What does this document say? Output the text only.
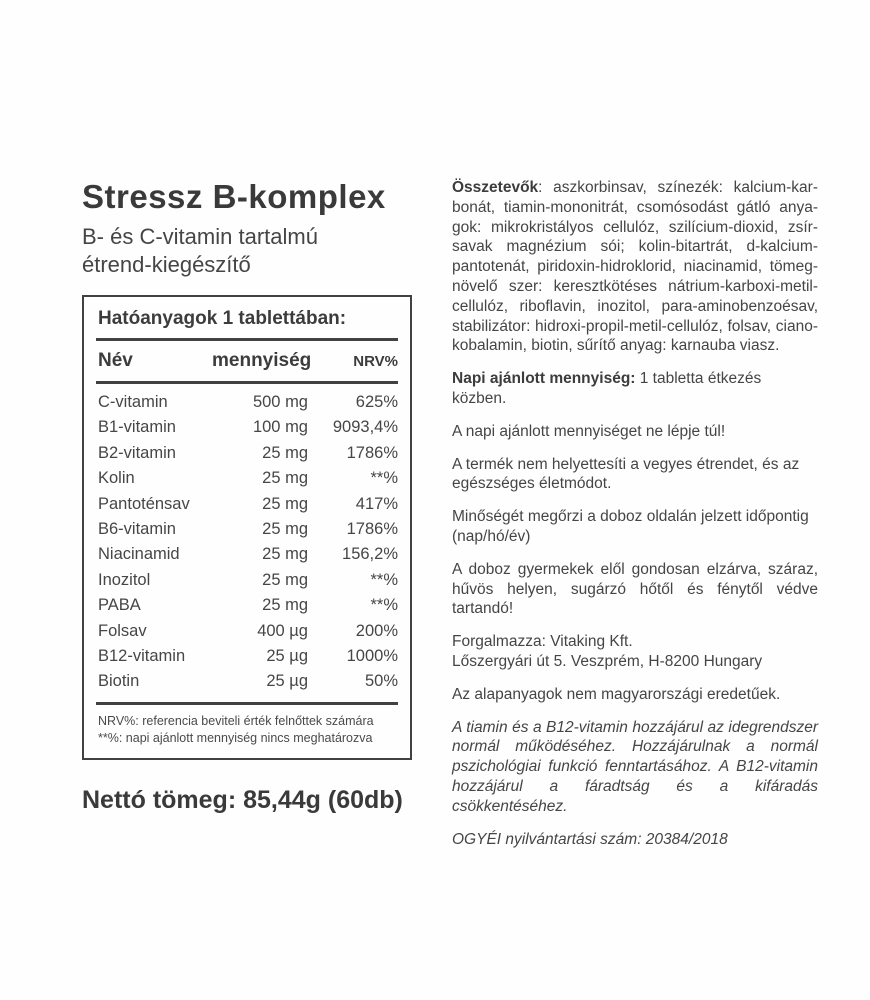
Stressz B-komplex
B- és C-vitamin tartalmú étrend-kiegészítő
Hatóanyagok 1 tablettában:
Név	mennyiség	NRV%
C-vitamin	500 mg	625%
B1-vitamin	100 mg	9093,4%
B2-vitamin	25 mg	1786%
Kolin	25 mg	**%
Pantoténsav	25 mg	417%
B6-vitamin	25 mg	1786%
Niacinamid	25 mg	156,2%
Inozitol	25 mg	**%
PABA	25 mg	**%
Folsav	400 µg	200%
B12-vitamin	25 µg	1000%
Biotin	25 µg	50%
NRV%: referencia beviteli érték felnőttek számára
**%: napi ajánlott mennyiség nincs meghatározva
Nettó tömeg: 85,44g (60db)

Összetevők: aszkorbinsav, színezék: kalcium-karbonát, tiamin-mononitrát, csomósodást gátló anyagok: mikrokristályos cellulóz, szilícium-dioxid, zsírsavak magnézium sói; kolin-bitartrát, d-kalcium-pantotenát, piridoxin-hidroklorid, niacinamid, tömegnövelő szer: keresztkötéses nátrium-karboxi-metil-cellulóz, riboflavin, inozitol, para-aminobenzoésav, stabilizátor: hidroxi-propil-metil-cellulóz, folsav, cianokobalamin, biotin, sűrítő anyag: karnauba viasz.

Napi ajánlott mennyiség: 1 tabletta étkezés közben.

A napi ajánlott mennyiséget ne lépje túl!

A termék nem helyettesíti a vegyes étrendet, és az egészséges életmódot.

Minőségét megőrzi a doboz oldalán jelzett időpontig (nap/hó/év)

A doboz gyermekek elől gondosan elzárva, száraz, hűvös helyen, sugárzó hőtől és fénytől védve tartandó!

Forgalmazza: Vitaking Kft.
Lőszergyári út 5. Veszprém, H-8200 Hungary

Az alapanyagok nem magyarországi eredetűek.

A tiamin és a B12-vitamin hozzájárul az idegrendszer normál működéséhez. Hozzájárulnak a normál pszichológiai funkció fenntartásához. A B12-vitamin hozzájárul a fáradtság és a kifáradás csökkentéséhez.

OGYÉI nyilvántartási szám: 20384/2018
